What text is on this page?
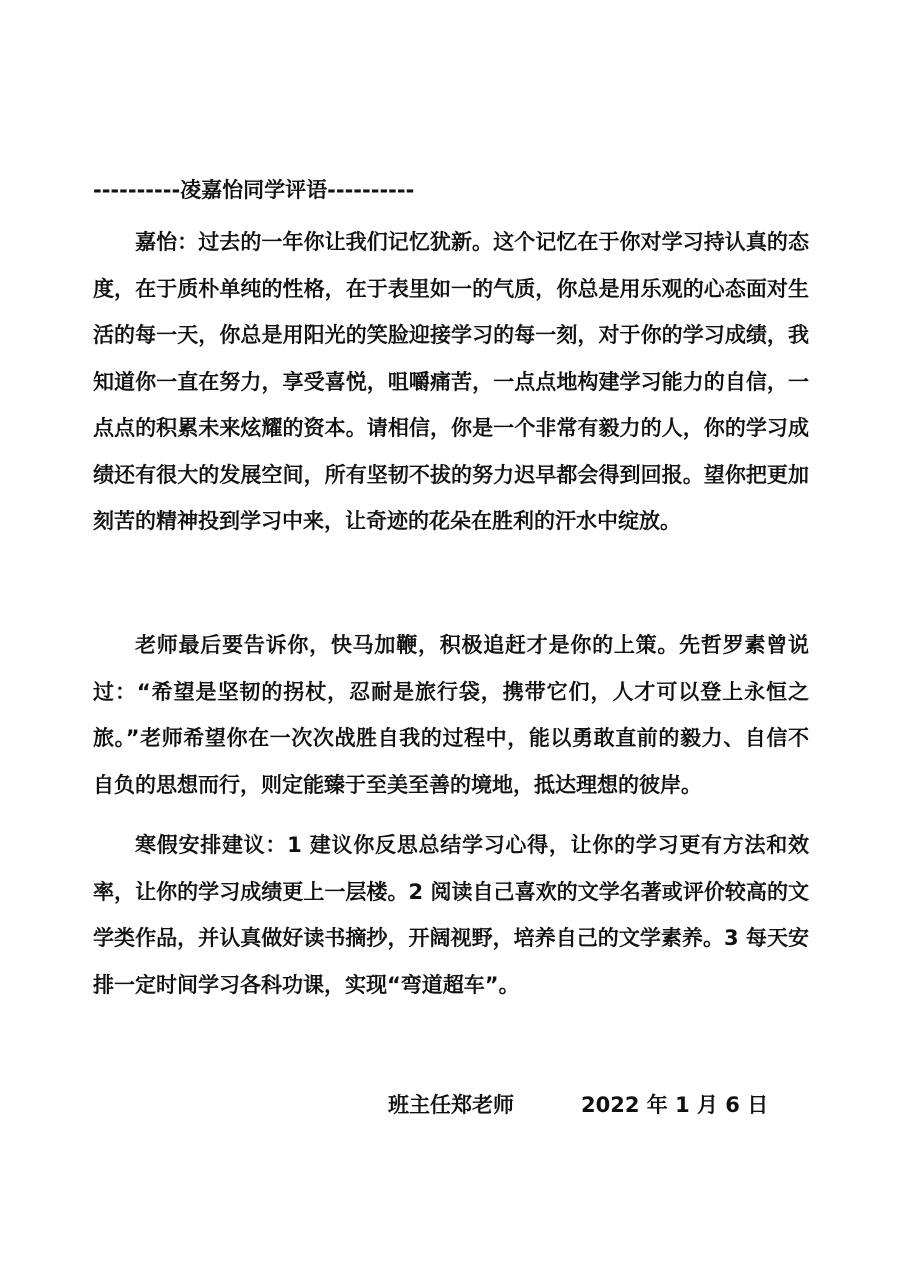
----------凌嘉怡同学评语----------

嘉怡：过去的一年你让我们记忆犹新。这个记忆在于你对学习持认真的态度，在于质朴单纯的性格，在于表里如一的气质，你总是用乐观的心态面对生活的每一天，你总是用阳光的笑脸迎接学习的每一刻，对于你的学习成绩，我知道你一直在努力，享受喜悦，咀嚼痛苦，一点点地构建学习能力的自信，一点点的积累未来炫耀的资本。请相信，你是一个非常有毅力的人，你的学习成绩还有很大的发展空间，所有坚韧不拔的努力迟早都会得到回报。望你把更加刻苦的精神投到学习中来，让奇迹的花朵在胜利的汗水中绽放。

老师最后要告诉你，快马加鞭，积极追赶才是你的上策。先哲罗素曾说过：“希望是坚韧的拐杖，忍耐是旅行袋，携带它们，人才可以登上永恒之旅。”老师希望你在一次次战胜自我的过程中，能以勇敢直前的毅力、自信不自负的思想而行，则定能臻于至美至善的境地，抵达理想的彼岸。

寒假安排建议：1 建议你反思总结学习心得，让你的学习更有方法和效率，让你的学习成绩更上一层楼。2 阅读自己喜欢的文学名著或评价较高的文学类作品，并认真做好读书摘抄，开阔视野，培养自己的文学素养。3 每天安排一定时间学习各科功课，实现“弯道超车”。

班主任郑老师	2022 年 1 月 6 日
